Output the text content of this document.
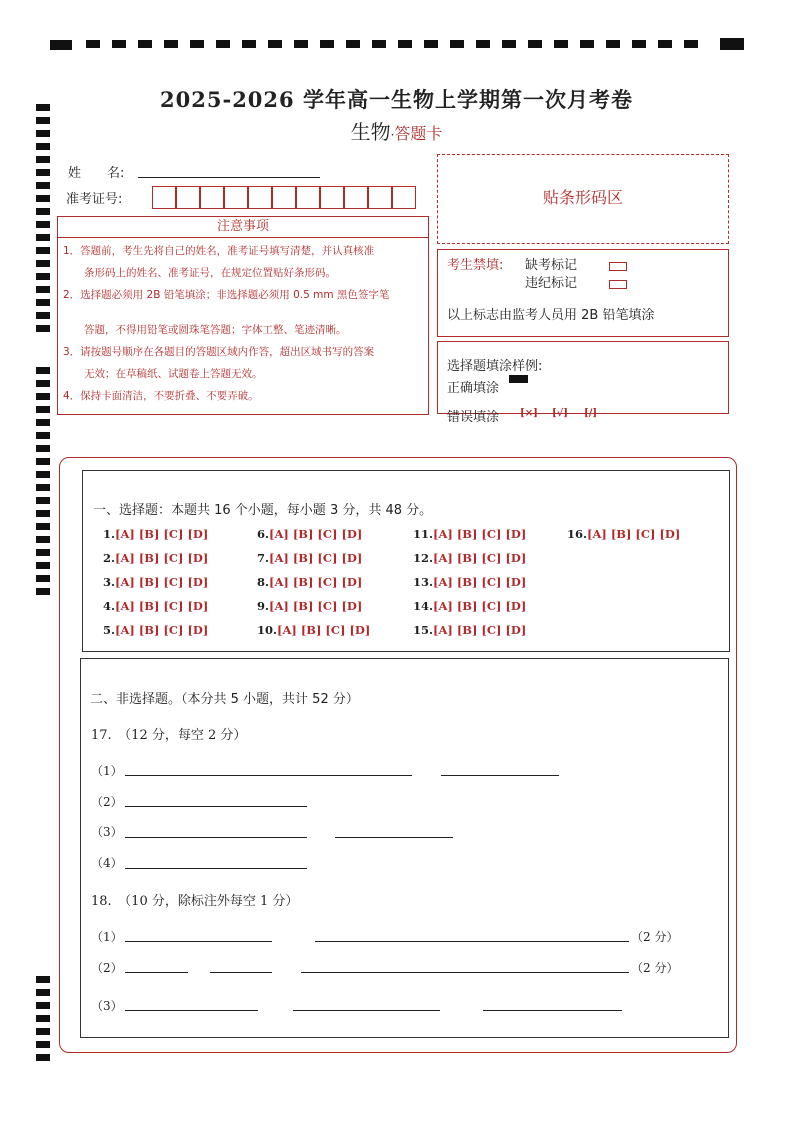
2025-2026 学年高一生物上学期第一次月考卷
生物·答题卡
姓　　名:
准考证号:	贴条形码区
注意事项

1．答题前，考生先将自己的姓名，准考证号填写清楚，并认真核准

　　条形码上的姓名、准考证号，在规定位置贴好条形码。

2．选择题必须用 2B 铅笔填涂；非选择题必须用 0.5 mm 黑色签字笔

　　答题，不得用铅笔或圆珠笔答题；字体工整、笔迹清晰。

3．请按题号顺序在各题目的答题区域内作答，超出区域书写的答案

　　无效；在草稿纸、试题卷上答题无效。

4．保持卡面清洁，不要折叠、不要弄破。

考生禁填: 缺考标记
违纪标记
以上标志由监考人员用 2B 铅笔填涂
选择题填涂样例:
正确填涂
错误填涂 [×] [√] [/]
一、选择题：本题共 16 个小题，每小题 3 分，共 48 分。
1.[A] [B] [C] [D]
2.[A] [B] [C] [D]
3.[A] [B] [C] [D]
4.[A] [B] [C] [D]
5.[A] [B] [C] [D]
6.[A] [B] [C] [D]
7.[A] [B] [C] [D]
8.[A] [B] [C] [D]
9.[A] [B] [C] [D]
10.[A] [B] [C] [D]
11.[A] [B] [C] [D]
12.[A] [B] [C] [D]
13.[A] [B] [C] [D]
14.[A] [B] [C] [D]
15.[A] [B] [C] [D]
16.[A] [B] [C] [D]
二、非选择题。（本分共 5 小题，共计 52 分）
17.　（12 分，每空 2 分）
（1）
（2）
（3）
（4）
18.　（10 分，除标注外每空 1 分）
（1）	（2 分）
（2）	（2 分）
（3）
